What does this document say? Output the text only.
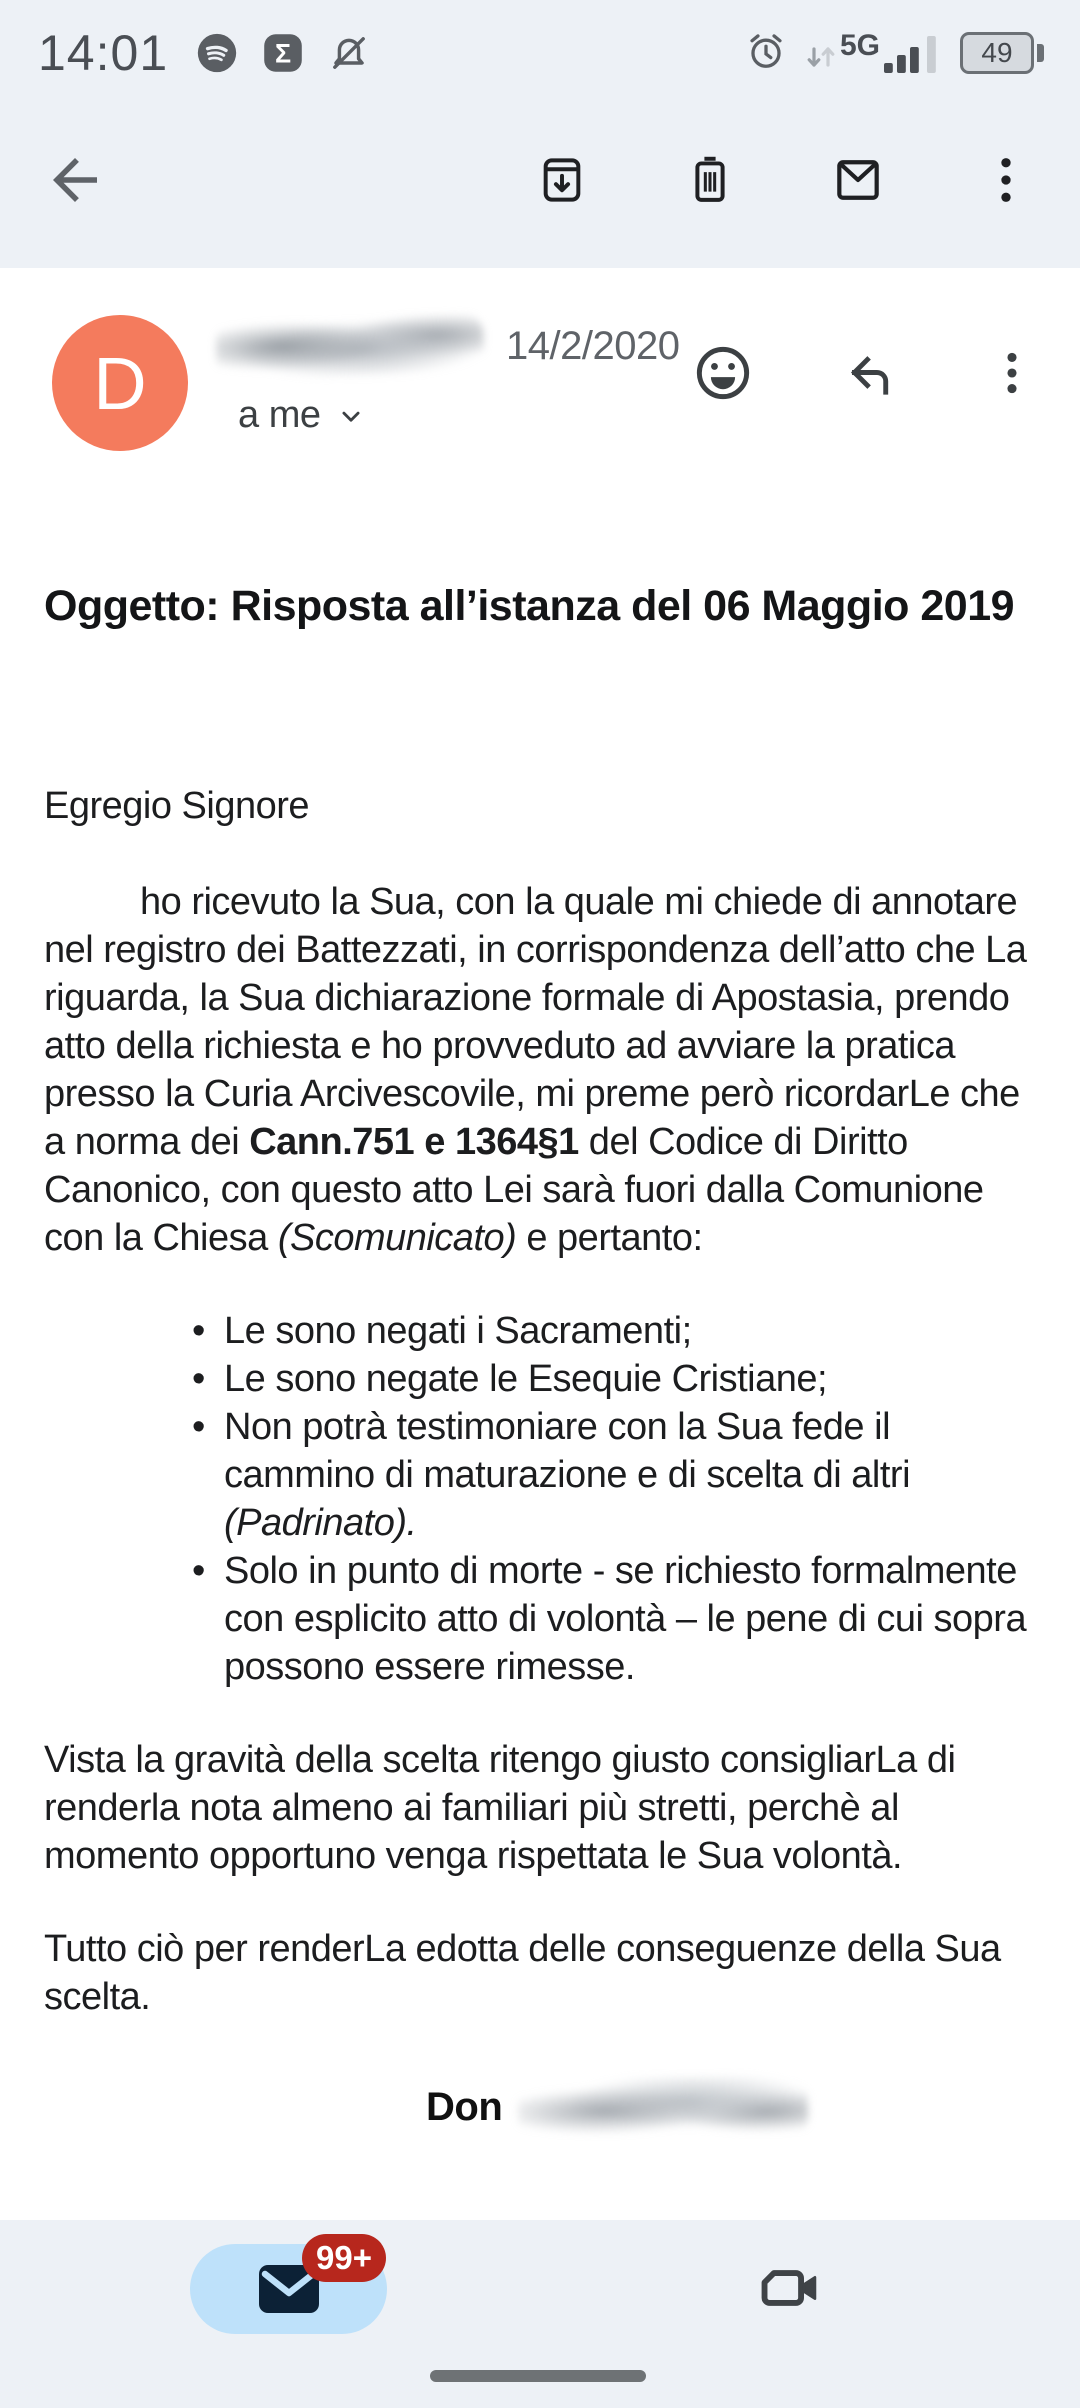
14:01	Σ	5G	49
D	14/2/2020
a me
Oggetto: Risposta all’istanza del 06 Maggio 2019
Egregio Signore

ho ricevuto la Sua, con la quale mi chiede di annotare nel registro dei Battezzati, in corrispondenza dell’atto che La riguarda, la Sua dichiarazione formale di Apostasia, prendo atto della richiesta e ho provveduto ad avviare la pratica presso la Curia Arcivescovile, mi preme però ricordarLe che a norma dei Cann.751 e 1364§1 del Codice di Diritto Canonico, con questo atto Lei sarà fuori dalla Comunione con la Chiesa (Scomunicato) e pertanto:

• Le sono negati i Sacramenti;
• Le sono negate le Esequie Cristiane;
• Non potrà testimoniare con la Sua fede il cammino di maturazione e di scelta di altri (Padrinato).
• Solo in punto di morte - se richiesto formalmente con esplicito atto di volontà – le pene di cui sopra possono essere rimesse.

Vista la gravità della scelta ritengo giusto consigliarLa di renderla nota almeno ai familiari più stretti, perchè al momento opportuno venga rispettata le Sua volontà.

Tutto ciò per renderLa edotta delle conseguenze della Sua scelta.

Don
99+
